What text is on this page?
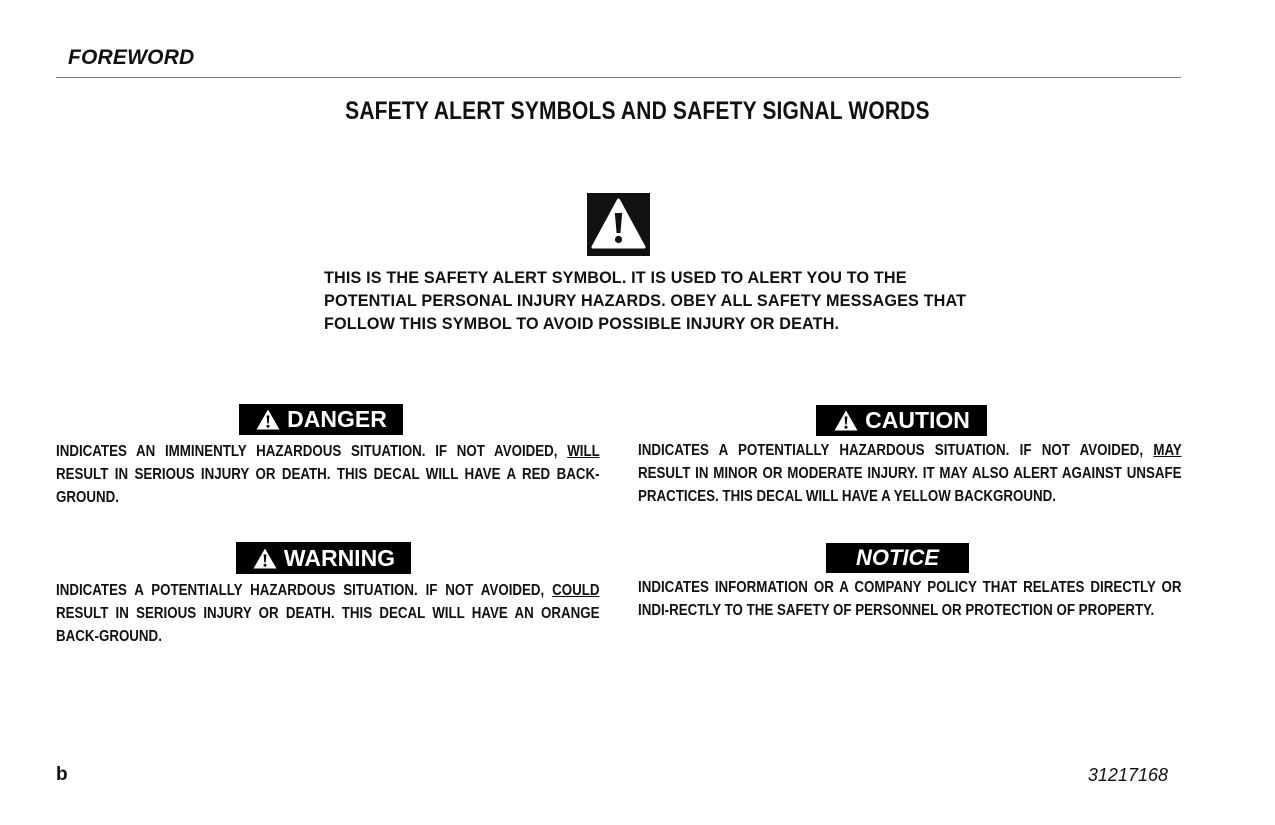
FOREWORD
SAFETY ALERT SYMBOLS AND SAFETY SIGNAL WORDS
THIS IS THE SAFETY ALERT SYMBOL. IT IS USED TO ALERT YOU TO THE
POTENTIAL PERSONAL INJURY HAZARDS. OBEY ALL SAFETY MESSAGES THAT
FOLLOW THIS SYMBOL TO AVOID POSSIBLE INJURY OR DEATH.
DANGER
INDICATES AN IMMINENTLY HAZARDOUS SITUATION. IF NOT AVOIDED, WILL RESULT IN SERIOUS INJURY OR DEATH. THIS DECAL WILL HAVE A RED BACK-GROUND.
WARNING
INDICATES A POTENTIALLY HAZARDOUS SITUATION. IF NOT AVOIDED, COULD RESULT IN SERIOUS INJURY OR DEATH. THIS DECAL WILL HAVE AN ORANGE BACK-GROUND.
CAUTION
INDICATES A POTENTIALLY HAZARDOUS SITUATION. IF NOT AVOIDED, MAY RESULT IN MINOR OR MODERATE INJURY. IT MAY ALSO ALERT AGAINST UNSAFE PRACTICES. THIS DECAL WILL HAVE A YELLOW BACKGROUND.
NOTICE
INDICATES INFORMATION OR A COMPANY POLICY THAT RELATES DIRECTLY OR INDI-RECTLY TO THE SAFETY OF PERSONNEL OR PROTECTION OF PROPERTY.
b	31217168
